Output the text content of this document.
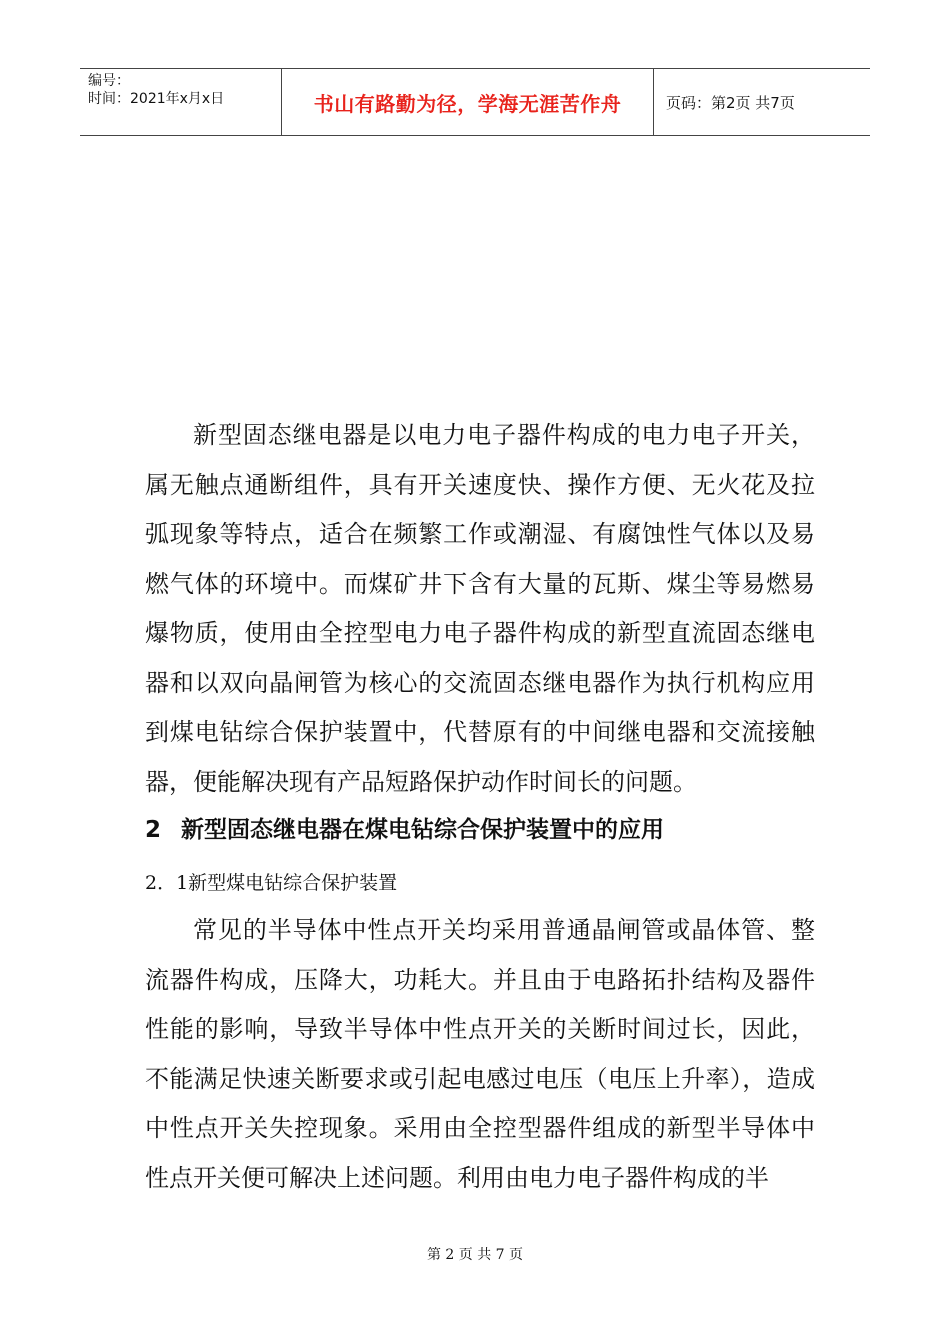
编号：
时间：2021年x月x日	书山有路勤为径，学海无涯苦作舟	页码：第2页 共7页

新型固态继电器是以电力电子器件构成的电力电子开关，属无触点通断组件，具有开关速度快、操作方便、无火花及拉弧现象等特点，适合在频繁工作或潮湿、有腐蚀性气体以及易燃气体的环境中。而煤矿井下含有大量的瓦斯、煤尘等易燃易爆物质，使用由全控型电力电子器件构成的新型直流固态继电器和以双向晶闸管为核心的交流固态继电器作为执行机构应用到煤电钻综合保护装置中，代替原有的中间继电器和交流接触器，便能解决现有产品短路保护动作时间长的问题。

2 新型固态继电器在煤电钻综合保护装置中的应用
2．1新型煤电钻综合保护装置

常见的半导体中性点开关均采用普通晶闸管或晶体管、整流器件构成，压降大，功耗大。并且由于电路拓扑结构及器件性能的影响，导致半导体中性点开关的关断时间过长，因此，不能满足快速关断要求或引起电感过电压（电压上升率），造成中性点开关失控现象。采用由全控型器件组成的新型半导体中性点开关便可解决上述问题。利用由电力电子器件构成的半

第 2 页 共 7 页
